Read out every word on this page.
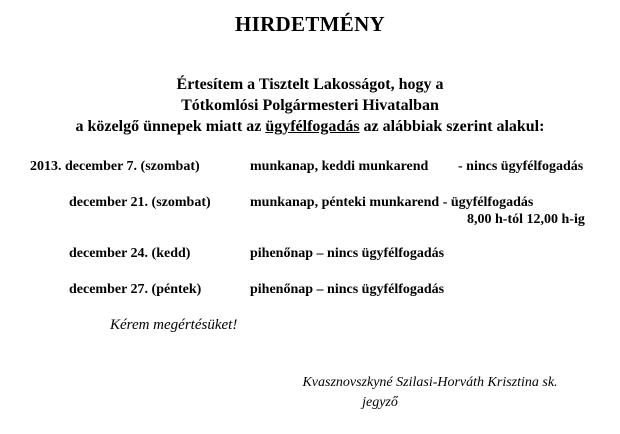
HIRDETMÉNY
Értesítem a Tisztelt Lakosságot, hogy a
Tótkomlósi Polgármesteri Hivatalban
a közelgő ünnepek miatt az ügyfélfogadás az alábbiak szerint alakul:
2013. december 7. (szombat)	munkanap, keddi munkarend - nincs ügyfélfogadás
december 21. (szombat)	munkanap, pénteki munkarend - ügyfélfogadás
8,00 h-tól 12,00 h-ig
december 24. (kedd)	pihenőnap – nincs ügyfélfogadás
december 27. (péntek)	pihenőnap – nincs ügyfélfogadás
Kérem megértésüket!
Kvasznovszkyné Szilasi-Horváth Krisztina sk.
jegyző
